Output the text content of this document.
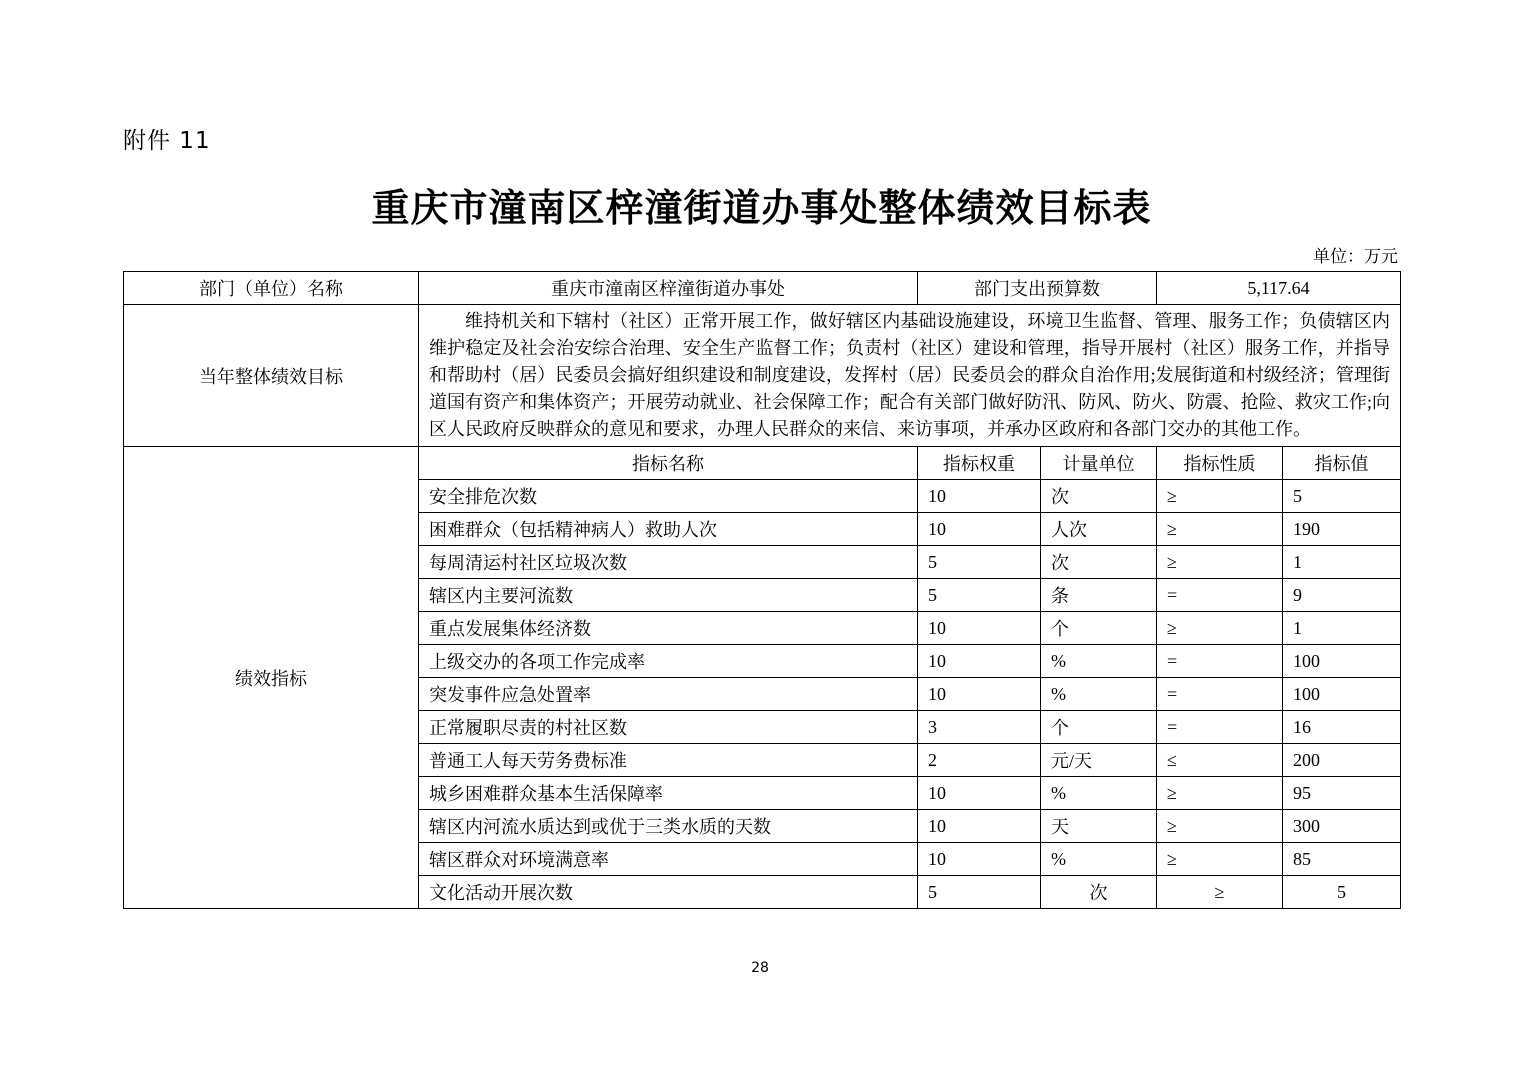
附件 11
重庆市潼南区梓潼街道办事处整体绩效目标表
单位：万元
部门（单位）名称	重庆市潼南区梓潼街道办事处	部门支出预算数		5,117.64	
当年整体绩效目标	维持机关和下辖村（社区）正常开展工作，做好辖区内基础设施建设，环境卫生监督、管理、服务工作；负债辖区内维护稳定及社会治安综合治理、安全生产监督工作；负责村（社区）建设和管理，指导开展村（社区）服务工作，并指导和帮助村（居）民委员会搞好组织建设和制度建设，发挥村（居）民委员会的群众自治作用;发展街道和村级经济；管理街道国有资产和集体资产；开展劳动就业、社会保障工作；配合有关部门做好防汛、防风、防火、防震、抢险、救灾工作;向区人民政府反映群众的意见和要求，办理人民群众的来信、来访事项，并承办区政府和各部门交办的其他工作。				
绩效指标	指标名称	指标权重	计量单位	指标性质	指标值
	安全排危次数	10	次	≥	5
	困难群众（包括精神病人）救助人次	10	人次	≥	190
	每周清运村社区垃圾次数	5	次	≥	1
	辖区内主要河流数	5	条	=	9
	重点发展集体经济数	10	个	≥	1
	上级交办的各项工作完成率	10	%	=	100
	突发事件应急处置率	10	%	=	100
	正常履职尽责的村社区数	3	个	=	16
	普通工人每天劳务费标准	2	元/天	≤	200
	城乡困难群众基本生活保障率	10	%	≥	95
	辖区内河流水质达到或优于三类水质的天数	10	天	≥	300
	辖区群众对环境满意率	10	%	≥	85
	文化活动开展次数	5	次	≥	5
28
